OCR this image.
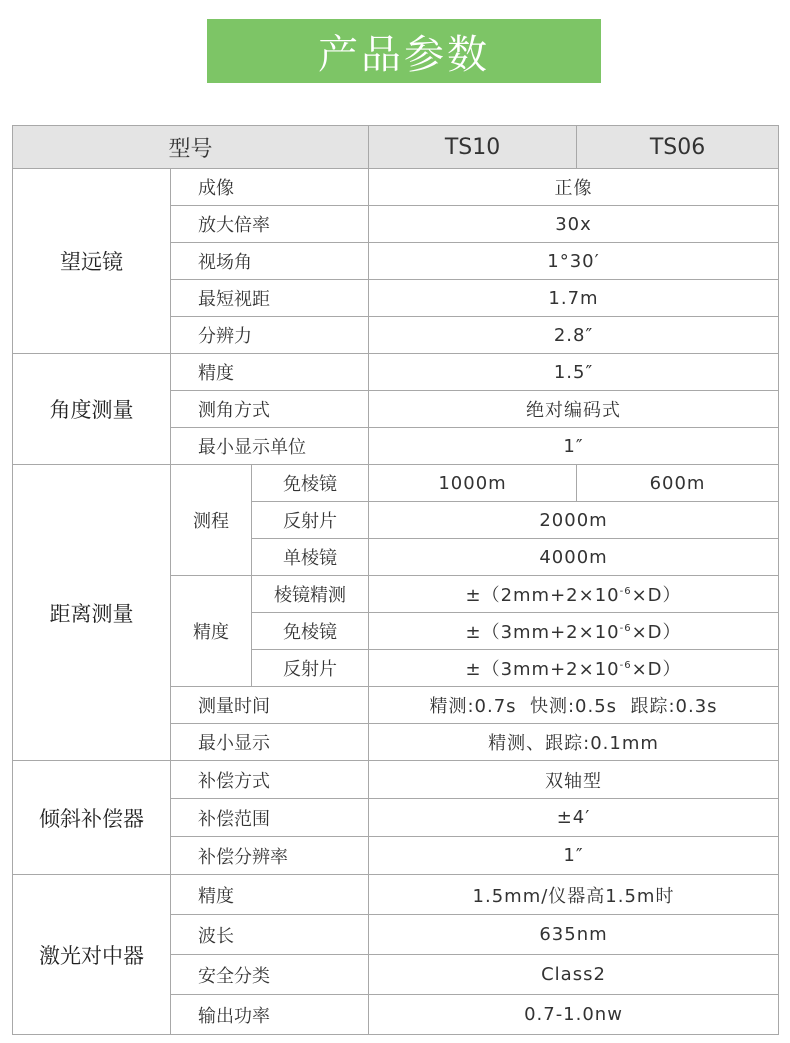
产品参数
型号			TS10	TS06
望远镜	成像		正像	
	放大倍率		30x	
	视场角		1°30′	
	最短视距		1.7m	
	分辨力		2.8″	
角度测量	精度		1.5″	
	测角方式		绝对编码式	
	最小显示单位		1″	
距离测量	测程	免棱镜	1000m	600m
		反射片	2000m	
		单棱镜	4000m	
	精度	棱镜精测	$\pm(2mm+2\times 10^{-6}\times D)$	
		免棱镜	$\pm(3mm+2\times 10^{-6}\times D)$	
		反射片	$\pm(3mm+2\times 10^{-6}\times D)$	
	测量时间		精测:0.7s  快测:0.5s  跟踪:0.3s	
	最小显示		精测、跟踪:0.1mm	
倾斜补偿器	补偿方式		双轴型	
	补偿范围		±4′	
	补偿分辨率		1″	
激光对中器	精度		1.5mm/仪器高1.5m时	
	波长		635nm	
	安全分类		Class2	
	输出功率		0.7-1.0nw	
